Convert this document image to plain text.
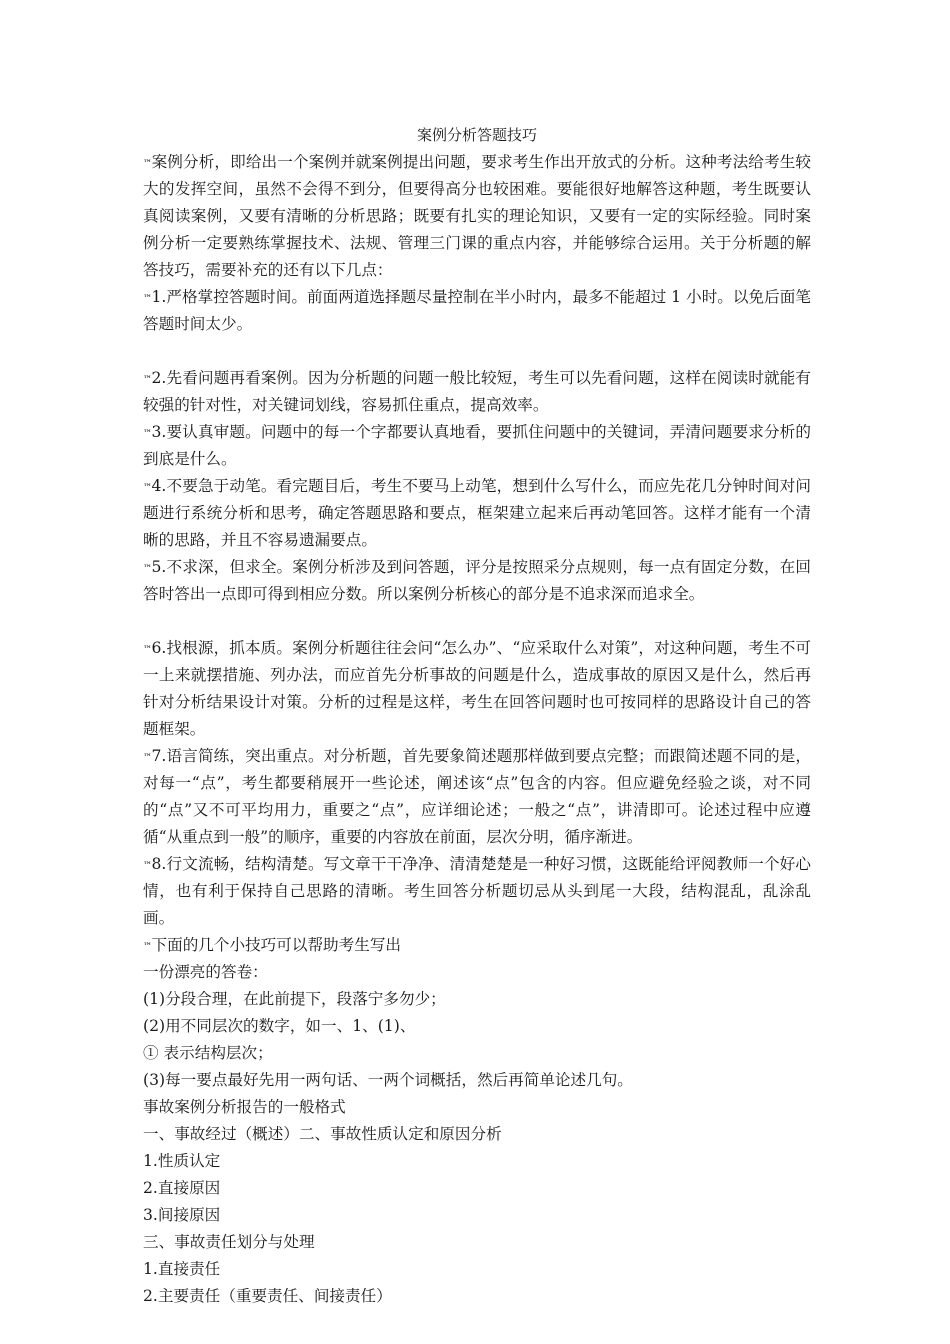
案例分析答题技巧

™案例分析，即给出一个案例并就案例提出问题，要求考生作出开放式的分析。这种考法给考生较大的发挥空间，虽然不会得不到分，但要得高分也较困难。要能很好地解答这种题，考生既要认真阅读案例，又要有清晰的分析思路；既要有扎实的理论知识，又要有一定的实际经验。同时案例分析一定要熟练掌握技术、法规、管理三门课的重点内容，并能够综合运用。关于分析题的解答技巧，需要补充的还有以下几点：

™1.严格掌控答题时间。前面两道选择题尽量控制在半小时内，最多不能超过 1 小时。以免后面笔答题时间太少。

™2.先看问题再看案例。因为分析题的问题一般比较短，考生可以先看问题，这样在阅读时就能有较强的针对性，对关键词划线，容易抓住重点，提高效率。

™3.要认真审题。问题中的每一个字都要认真地看，要抓住问题中的关键词，弄清问题要求分析的到底是什么。

™4.不要急于动笔。看完题目后，考生不要马上动笔，想到什么写什么，而应先花几分钟时间对问题进行系统分析和思考，确定答题思路和要点，框架建立起来后再动笔回答。这样才能有一个清晰的思路，并且不容易遗漏要点。

™5.不求深，但求全。案例分析涉及到问答题，评分是按照采分点规则，每一点有固定分数，在回答时答出一点即可得到相应分数。所以案例分析核心的部分是不追求深而追求全。

™6.找根源，抓本质。案例分析题往往会问“怎么办”、“应采取什么对策”，对这种问题，考生不可一上来就摆措施、列办法，而应首先分析事故的问题是什么，造成事故的原因又是什么，然后再针对分析结果设计对策。分析的过程是这样，考生在回答问题时也可按同样的思路设计自己的答题框架。

™7.语言简练，突出重点。对分析题，首先要象简述题那样做到要点完整；而跟简述题不同的是，对每一“点”，考生都要稍展开一些论述，阐述该“点”包含的内容。但应避免经验之谈，对不同的“点”又不可平均用力，重要之“点”，应详细论述；一般之“点”，讲清即可。论述过程中应遵循“从重点到一般”的顺序，重要的内容放在前面，层次分明，循序渐进。

™8.行文流畅，结构清楚。写文章干干净净、清清楚楚是一种好习惯，这既能给评阅教师一个好心情，也有利于保持自己思路的清晰。考生回答分析题切忌从头到尾一大段，结构混乱，乱涂乱画。

™下面的几个小技巧可以帮助考生写出

一份漂亮的答卷：

(1)分段合理，在此前提下，段落宁多勿少；

(2)用不同层次的数字，如一、1、(1)、

① 表示结构层次；

(3)每一要点最好先用一两句话、一两个词概括，然后再简单论述几句。

事故案例分析报告的一般格式

一、事故经过（概述）二、事故性质认定和原因分析

1.性质认定

2.直接原因

3.间接原因

三、事故责任划分与处理

1.直接责任

2.主要责任（重要责任、间接责任）
